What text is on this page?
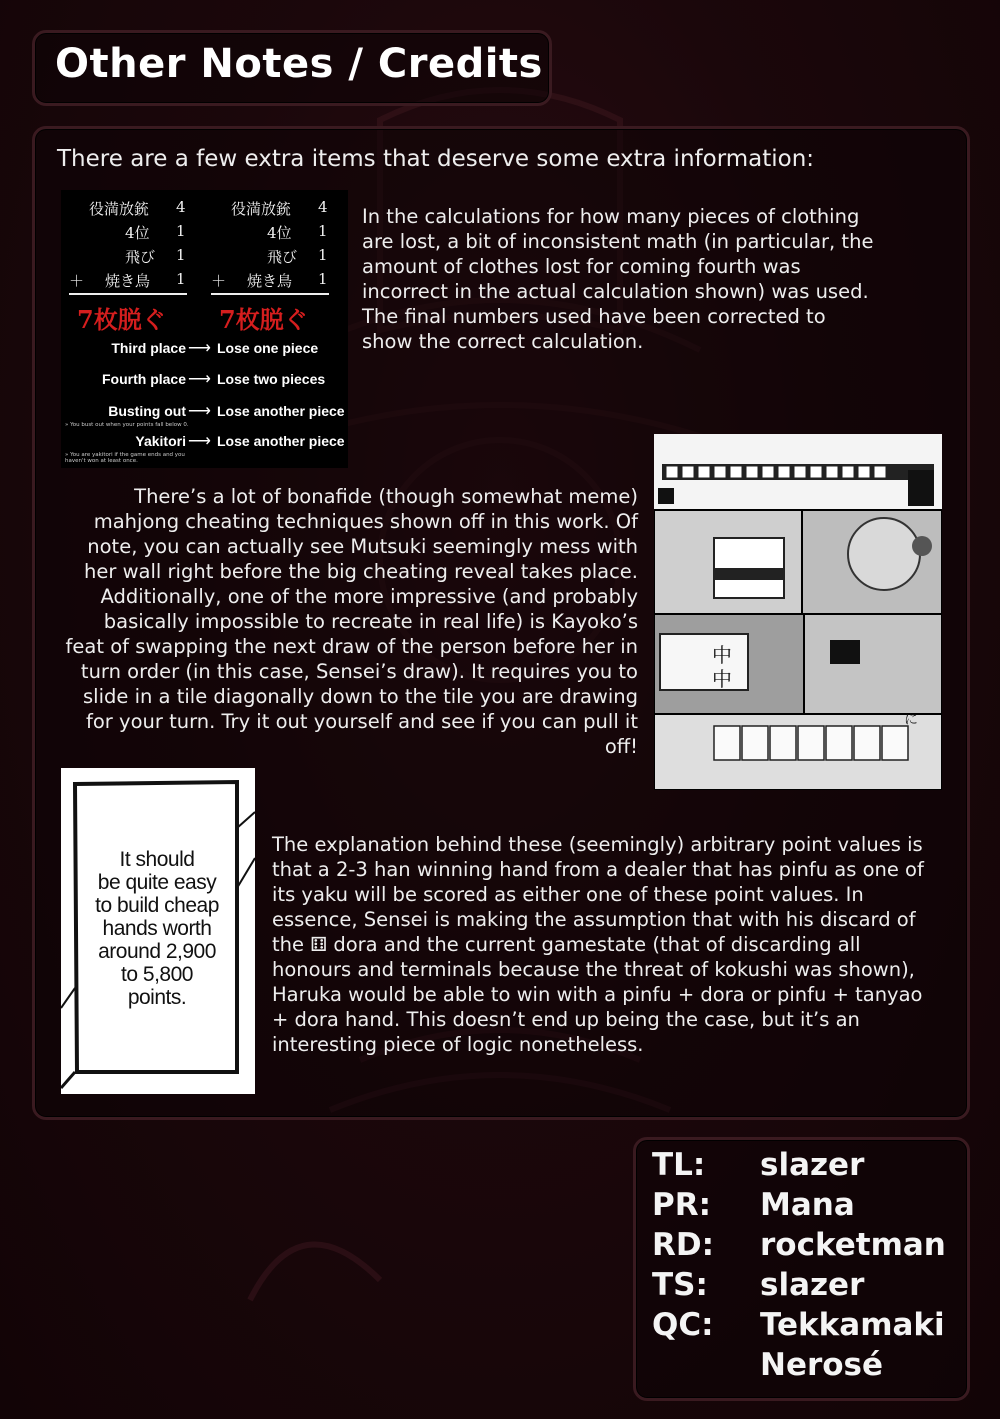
Other Notes / Credits
There are a few extra items that deserve some extra information:
役満放銃 4
4位 1
飛び 1
＋ 焼き鳥 1
7枚脱ぐ
役満放銃 4
4位 1
飛び 1
＋ 焼き鳥 1
7枚脱ぐ
Third place ⟶ Lose one piece
Fourth place ⟶ Lose two pieces
Busting out ⟶ Lose another piece
» You bust out when your points fall below 0.
Yakitori ⟶ Lose another piece
» You are yakitori if the game ends and you haven't won at least once.
In the calculations for how many pieces of clothing are lost, a bit of inconsistent math (in particular, the amount of clothes lost for coming fourth was incorrect in the actual calculation shown) was used. The final numbers used have been corrected to show the correct calculation.
中
中
に
There’s a lot of bonafide (though somewhat meme) mahjong cheating techniques shown off in this work. Of note, you can actually see Mutsuki seemingly mess with her wall right before the big cheating reveal takes place. Additionally, one of the more impressive (and probably basically impossible to recreate in real life) is Kayoko’s feat of swapping the next draw of the person before her in turn order (in this case, Sensei’s draw). It requires you to slide in a tile diagonally down to the tile you are drawing for your turn. Try it out yourself and see if you can pull it off!
It should
be quite easy
to build cheap
hands worth
around 2,900
to 5,800
points.
The explanation behind these (seemingly) arbitrary point values is that a 2-3 han winning hand from a dealer that has pinfu as one of its yaku will be scored as either one of these point values. In essence, Sensei is making the assumption that with his discard of the ⚅ dora and the current gamestate (that of discarding all honours and terminals because the threat of kokushi was shown), Haruka would be able to win with a pinfu + dora or pinfu + tanyao + dora hand. This doesn’t end up being the case, but it’s an interesting piece of logic nonetheless.
TL: slazer
PR: Mana
RD: rocketman
TS: slazer
QC: Tekkamaki
Nerosé
